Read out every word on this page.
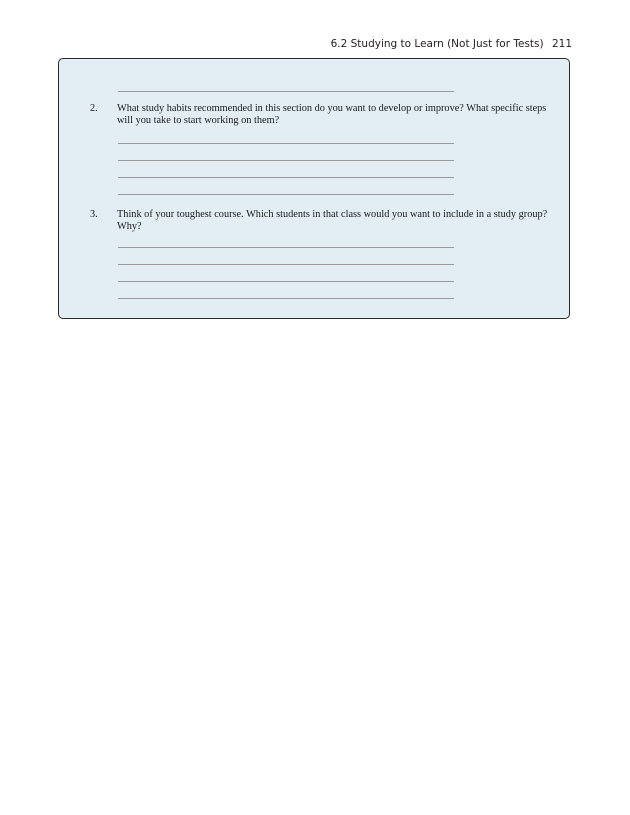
6.2 Studying to Learn (Not Just for Tests) 211
2. What study habits recommended in this section do you want to develop or improve? What specific steps will you take to start working on them?
3. Think of your toughest course. Which students in that class would you want to include in a study group? Why?
